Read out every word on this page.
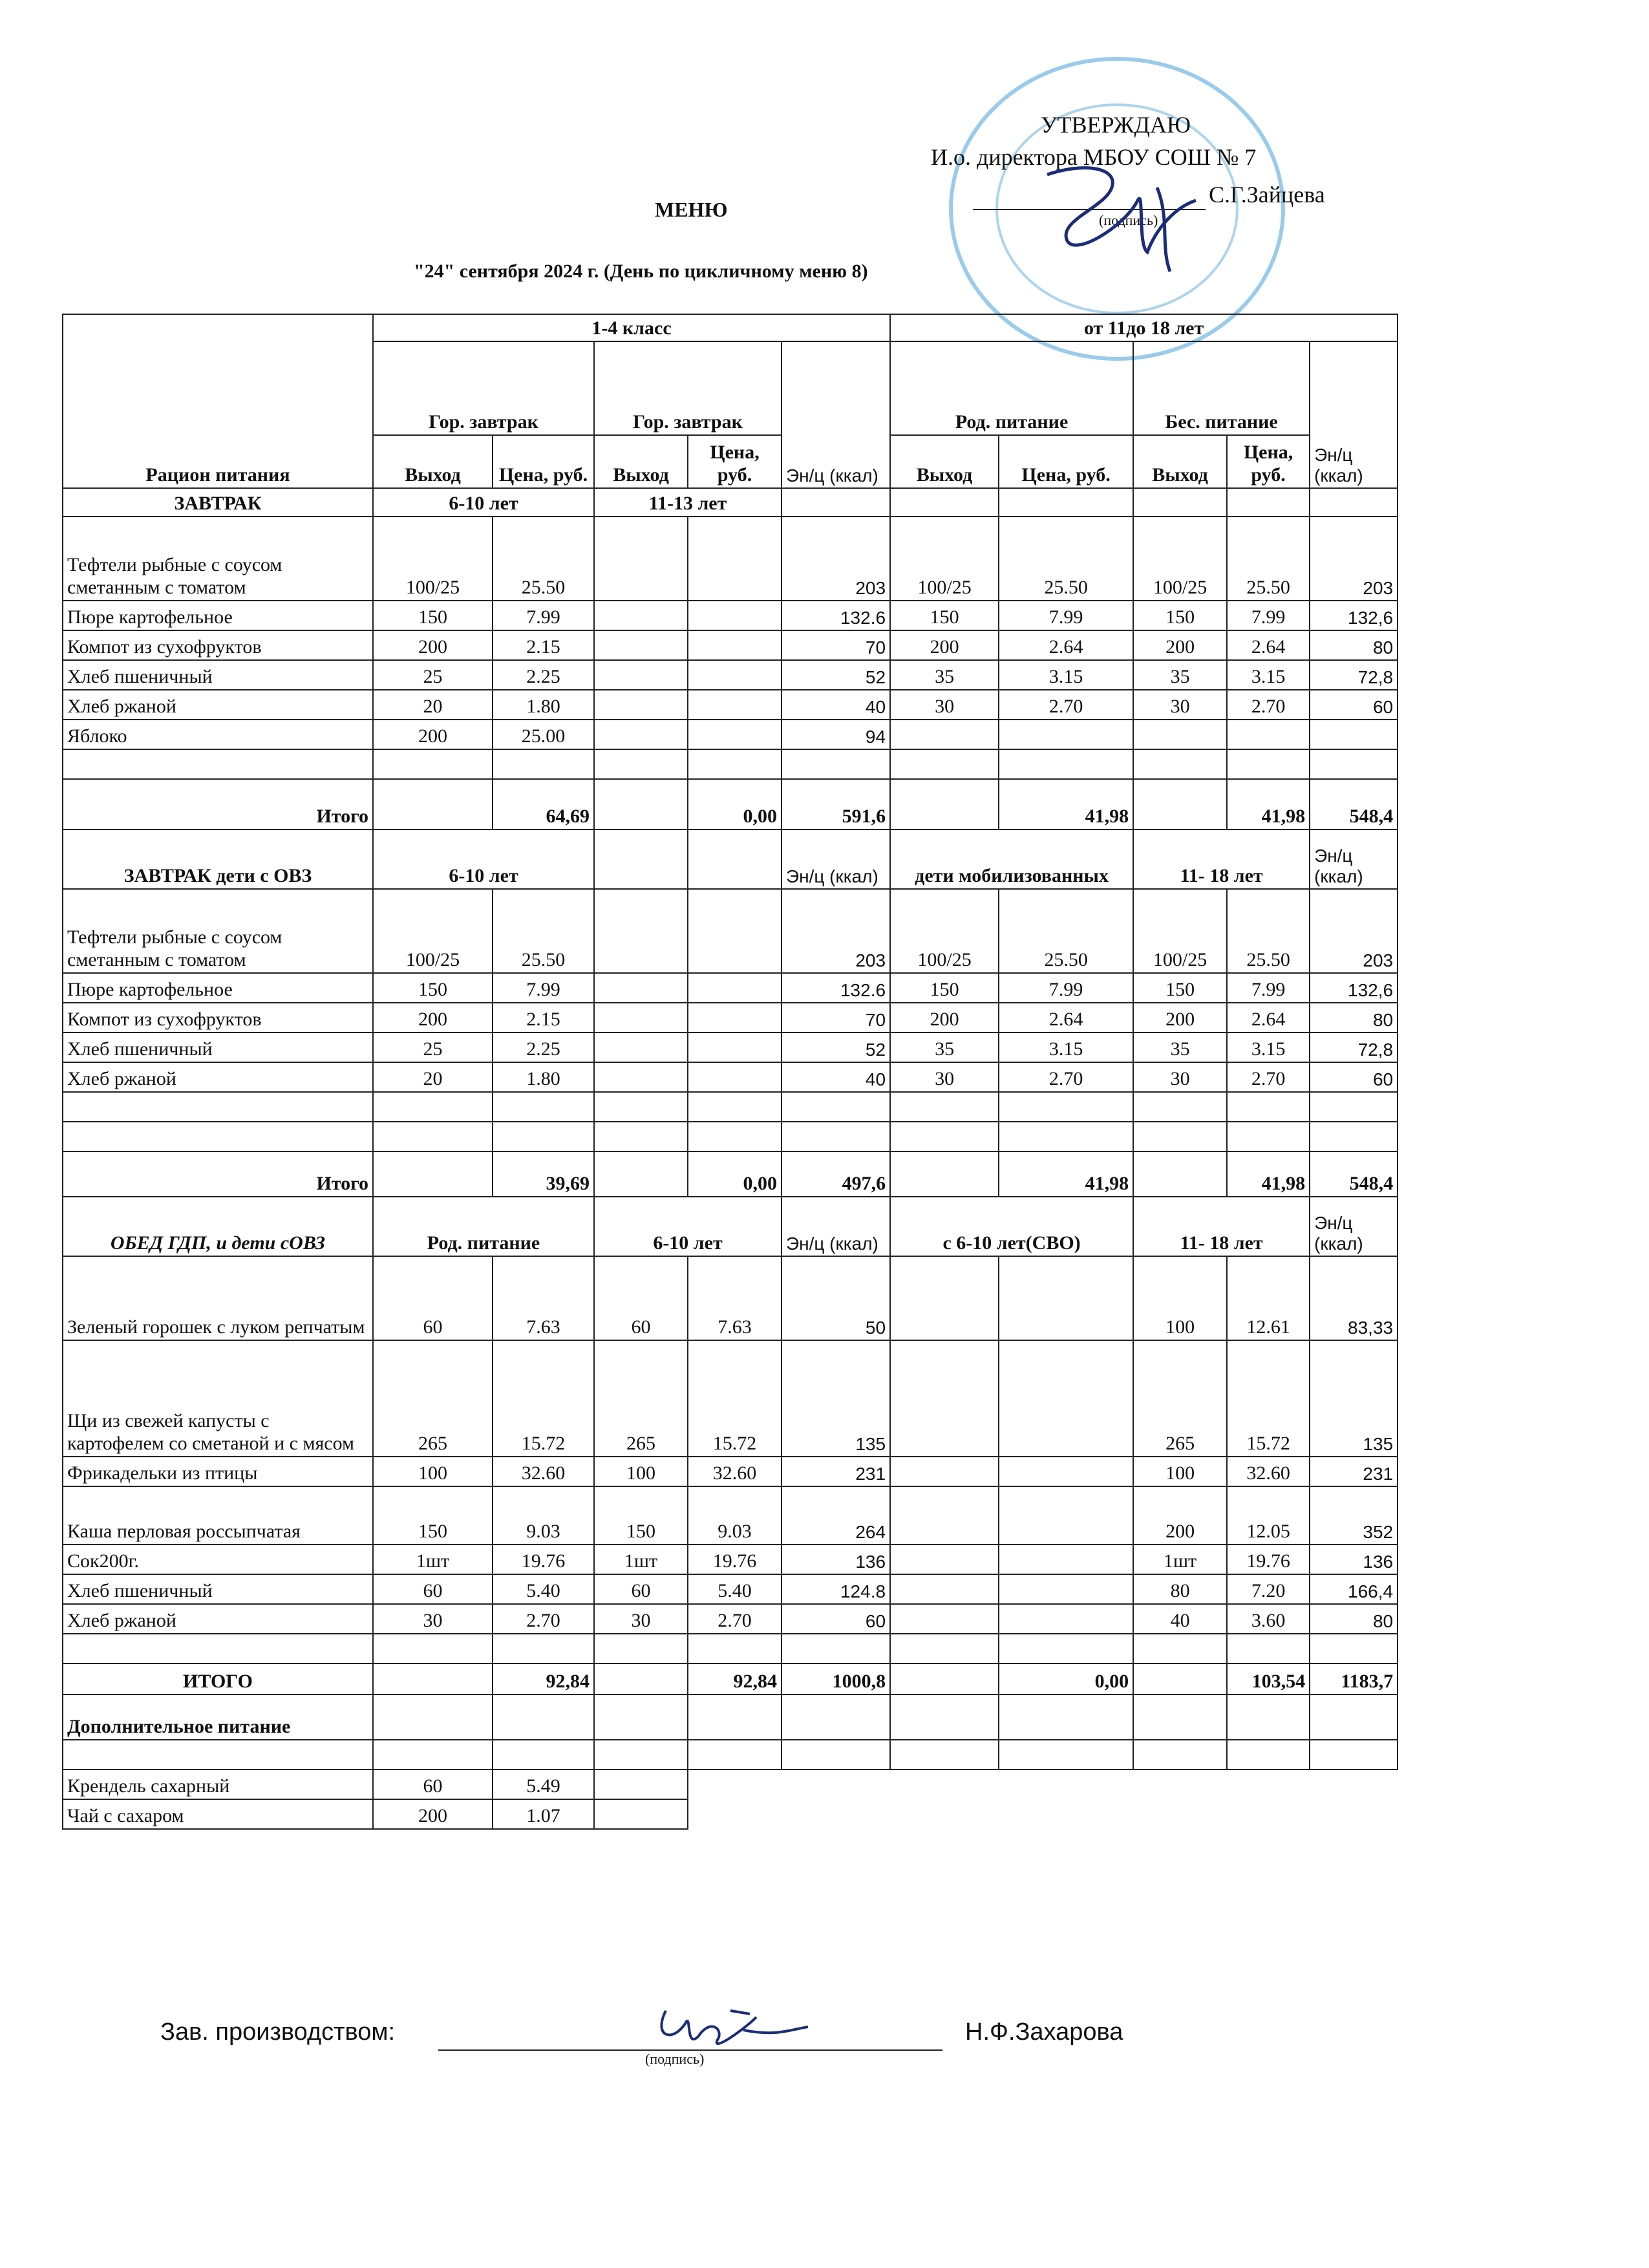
УТВЕРЖДАЮ
И.о. директора МБОУ СОШ № 7
С.Г.Зайцева
(подпись)
МЕНЮ
"24" сентября 2024 г. (День по цикличному меню 8)
Рацион питания	1-4 класс					от 11до 18 лет				
	Гор. завтрак		Гор. завтрак		Эн/ц (ккал)	Род. питание		Бес. питание		Эн/ц (ккал)
	Выход	Цена, руб.	Выход	Цена, руб.		Выход	Цена, руб.	Выход	Цена, руб.	
ЗАВТРАК	6-10 лет		11-13 лет							
Тефтели рыбные с соусом сметанным с томатом	100/25	25.50			203	100/25	25.50	100/25	25.50	203
Пюре картофельное	150	7.99			132.6	150	7.99	150	7.99	132,6
Компот из сухофруктов	200	2.15			70	200	2.64	200	2.64	80
Хлеб пшеничный	25	2.25			52	35	3.15	35	3.15	72,8
Хлеб ржаной	20	1.80			40	30	2.70	30	2.70	60
Яблоко	200	25.00			94					

Итого		64,69		0,00	591,6		41,98		41,98	548,4
ЗАВТРАК дети с ОВЗ	6-10 лет				Эн/ц (ккал)	дети мобилизованных		11- 18 лет		Эн/ц (ккал)
Тефтели рыбные с соусом сметанным с томатом	100/25	25.50			203	100/25	25.50	100/25	25.50	203
Пюре картофельное	150	7.99			132.6	150	7.99	150	7.99	132,6
Компот из сухофруктов	200	2.15			70	200	2.64	200	2.64	80
Хлеб пшеничный	25	2.25			52	35	3.15	35	3.15	72,8
Хлеб ржаной	20	1.80			40	30	2.70	30	2.70	60

Итого		39,69		0,00	497,6		41,98		41,98	548,4
ОБЕД ГДП, и дети сОВЗ	Род. питание		6-10 лет		Эн/ц (ккал)	с 6-10 лет(СВО)		11- 18 лет		Эн/ц (ккал)
Зеленый горошек с луком репчатым	60	7.63	60	7.63	50			100	12.61	83,33
Щи из свежей капусты с картофелем со сметаной и с мясом	265	15.72	265	15.72	135			265	15.72	135
Фрикадельки из птицы	100	32.60	100	32.60	231			100	32.60	231
Каша перловая россыпчатая	150	9.03	150	9.03	264			200	12.05	352
Сок200г.	1шт	19.76	1шт	19.76	136			1шт	19.76	136
Хлеб пшеничный	60	5.40	60	5.40	124.8			80	7.20	166,4
Хлеб ржаной	30	2.70	30	2.70	60			40	3.60	80

ИТОГО		92,84		92,84	1000,8		0,00		103,54	1183,7
Дополнительное питание										

Крендель сахарный	60	5.49								
Чай с сахаром	200	1.07								
Зав. производством:
(подпись)
Н.Ф.Захарова
